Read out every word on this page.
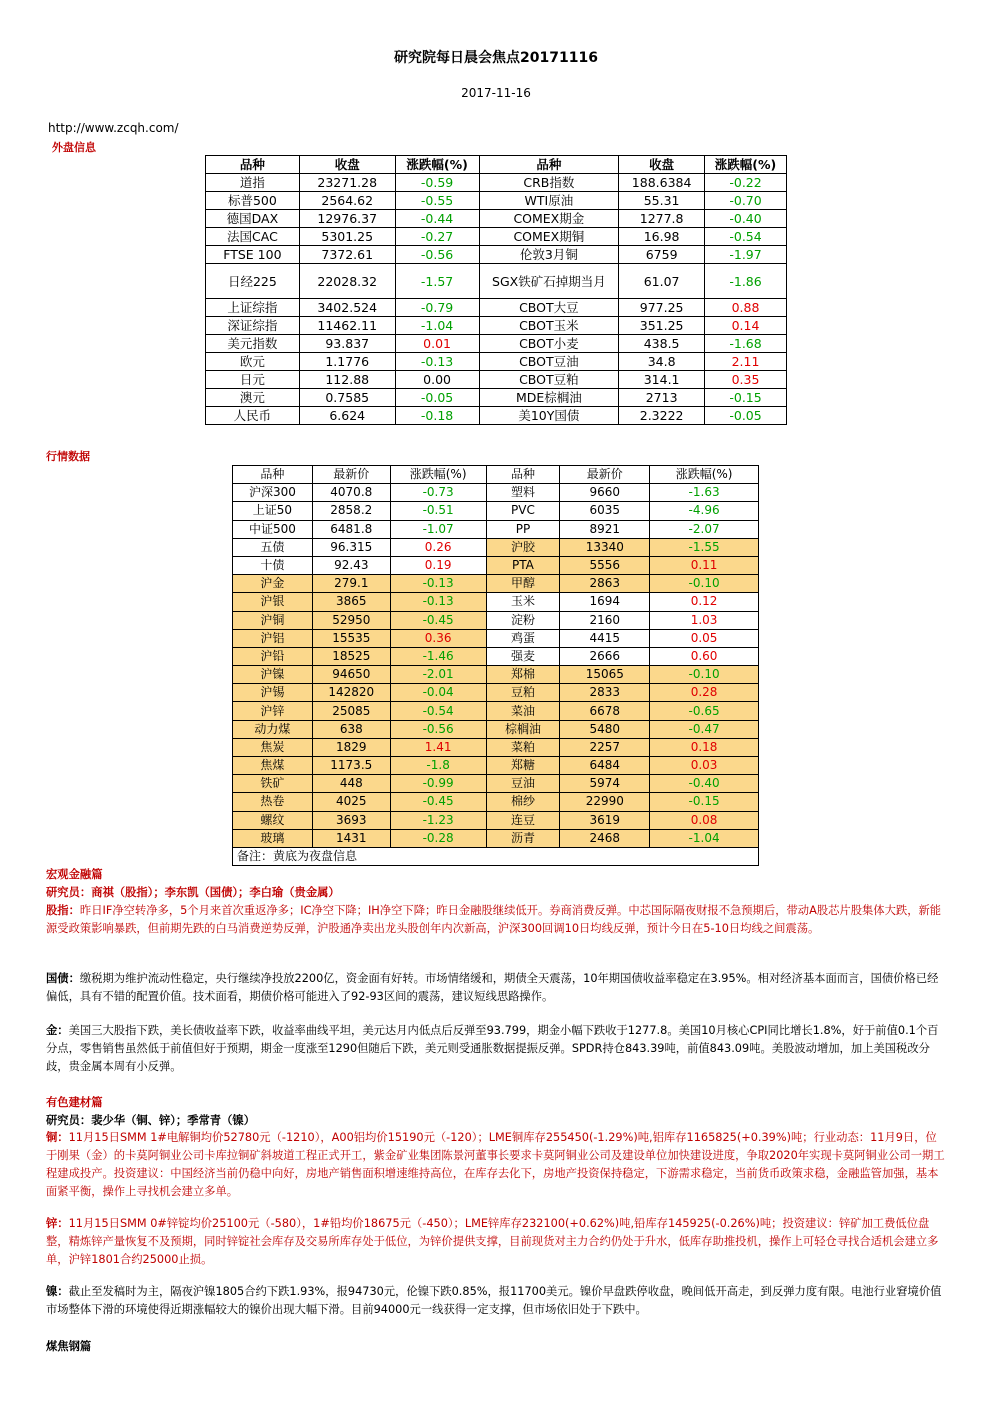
研究院每日晨会焦点20171116
2017-11-16
http://www.zcqh.com/
外盘信息
品种	收盘	涨跌幅(%)	品种	收盘	涨跌幅(%)
道指	23271.28	-0.59	CRB指数	188.6384	-0.22
标普500	2564.62	-0.55	WTI原油	55.31	-0.70
德国DAX	12976.37	-0.44	COMEX期金	1277.8	-0.40
法国CAC	5301.25	-0.27	COMEX期铜	16.98	-0.54
FTSE 100	7372.61	-0.56	伦敦3月铜	6759	-1.97
日经225	22028.32	-1.57	SGX铁矿石掉期当月	61.07	-1.86
上证综指	3402.524	-0.79	CBOT大豆	977.25	0.88
深证综指	11462.11	-1.04	CBOT玉米	351.25	0.14
美元指数	93.837	0.01	CBOT小麦	438.5	-1.68
欧元	1.1776	-0.13	CBOT豆油	34.8	2.11
日元	112.88	0.00	CBOT豆粕	314.1	0.35
澳元	0.7585	-0.05	MDE棕榈油	2713	-0.15
人民币	6.624	-0.18	美10Y国债	2.3222	-0.05
行情数据
品种	最新价	涨跌幅(%)	品种	最新价	涨跌幅(%)
沪深300	4070.8	-0.73	塑料	9660	-1.63
上证50	2858.2	-0.51	PVC	6035	-4.96
中证500	6481.8	-1.07	PP	8921	-2.07
五债	96.315	0.26	沪胶	13340	-1.55
十债	92.43	0.19	PTA	5556	0.11
沪金	279.1	-0.13	甲醇	2863	-0.10
沪银	3865	-0.13	玉米	1694	0.12
沪铜	52950	-0.45	淀粉	2160	1.03
沪铝	15535	0.36	鸡蛋	4415	0.05
沪铅	18525	-1.46	强麦	2666	0.60
沪镍	94650	-2.01	郑棉	15065	-0.10
沪锡	142820	-0.04	豆粕	2833	0.28
沪锌	25085	-0.54	菜油	6678	-0.65
动力煤	638	-0.56	棕榈油	5480	-0.47
焦炭	1829	1.41	菜粕	2257	0.18
焦煤	1173.5	-1.8	郑糖	6484	0.03
铁矿	448	-0.99	豆油	5974	-0.40
热卷	4025	-0.45	棉纱	22990	-0.15
螺纹	3693	-1.23	连豆	3619	0.08
玻璃	1431	-0.28	沥青	2468	-1.04
备注：黄底为夜盘信息					
宏观金融篇
研究员：商祺（股指）；李东凯（国债）；李白瑜（贵金属）
股指：昨日IF净空转净多，5个月来首次重返净多；IC净空下降；IH净空下降；昨日金融股继续低开。券商消费反弹。中芯国际隔夜财报不急预期后，带动A股芯片股集体大跌，新能源受政策影响暴跌，但前期先跌的白马消费逆势反弹，沪股通净卖出龙头股创年内次新高，沪深300回调10日均线反弹，预计今日在5-10日均线之间震荡。
国债：缴税期为维护流动性稳定，央行继续净投放2200亿，资金面有好转。市场情绪缓和，期债全天震荡，10年期国债收益率稳定在3.95%。相对经济基本面而言，国债价格已经偏低，具有不错的配置价值。技术面看，期债价格可能进入了92-93区间的震荡，建议短线思路操作。
金：美国三大股指下跌，美长债收益率下跌，收益率曲线平坦，美元达月内低点后反弹至93.799，期金小幅下跌收于1277.8。美国10月核心CPI同比增长1.8%，好于前值0.1个百分点，零售销售虽然低于前值但好于预期，期金一度涨至1290但随后下跌，美元则受通胀数据提振反弹。SPDR持仓843.39吨，前值843.09吨。美股波动增加，加上美国税改分歧，贵金属本周有小反弹。
有色建材篇
研究员：裴少华（铜、锌）；季常青（镍）
铜：11月15日SMM 1#电解铜均价52780元（-1210），A00铝均价15190元（-120）；LME铜库存255450(-1.29%)吨,铝库存1165825(+0.39%)吨；行业动态：11月9日，位于刚果（金）的卡莫阿铜业公司卡库拉铜矿斜坡道工程正式开工，紫金矿业集团陈景河董事长要求卡莫阿铜业公司及建设单位加快建设进度，争取2020年实现卡莫阿铜业公司一期工程建成投产。投资建议：中国经济当前仍稳中向好，房地产销售面积增速维持高位，在库存去化下，房地产投资保持稳定，下游需求稳定，当前货币政策求稳，金融监管加强，基本面紧平衡，操作上寻找机会建立多单。
锌：11月15日SMM 0#锌锭均价25100元（-580），1#铅均价18675元（-450）；LME锌库存232100(+0.62%)吨,铅库存145925(-0.26%)吨；投资建议：锌矿加工费低位盘整，精炼锌产量恢复不及预期，同时锌锭社会库存及交易所库存处于低位，为锌价提供支撑，目前现货对主力合约仍处于升水，低库存助推投机，操作上可轻仓寻找合适机会建立多单，沪锌1801合约25000止损。
镍：截止至发稿时为主，隔夜沪镍1805合约下跌1.93%，报94730元，伦镍下跌0.85%，报11700美元。镍价早盘跌停收盘，晚间低开高走，到反弹力度有限。电池行业窘境价值市场整体下滑的环境使得近期涨幅较大的镍价出现大幅下滑。目前94000元一线获得一定支撑，但市场依旧处于下跌中。
煤焦钢篇
